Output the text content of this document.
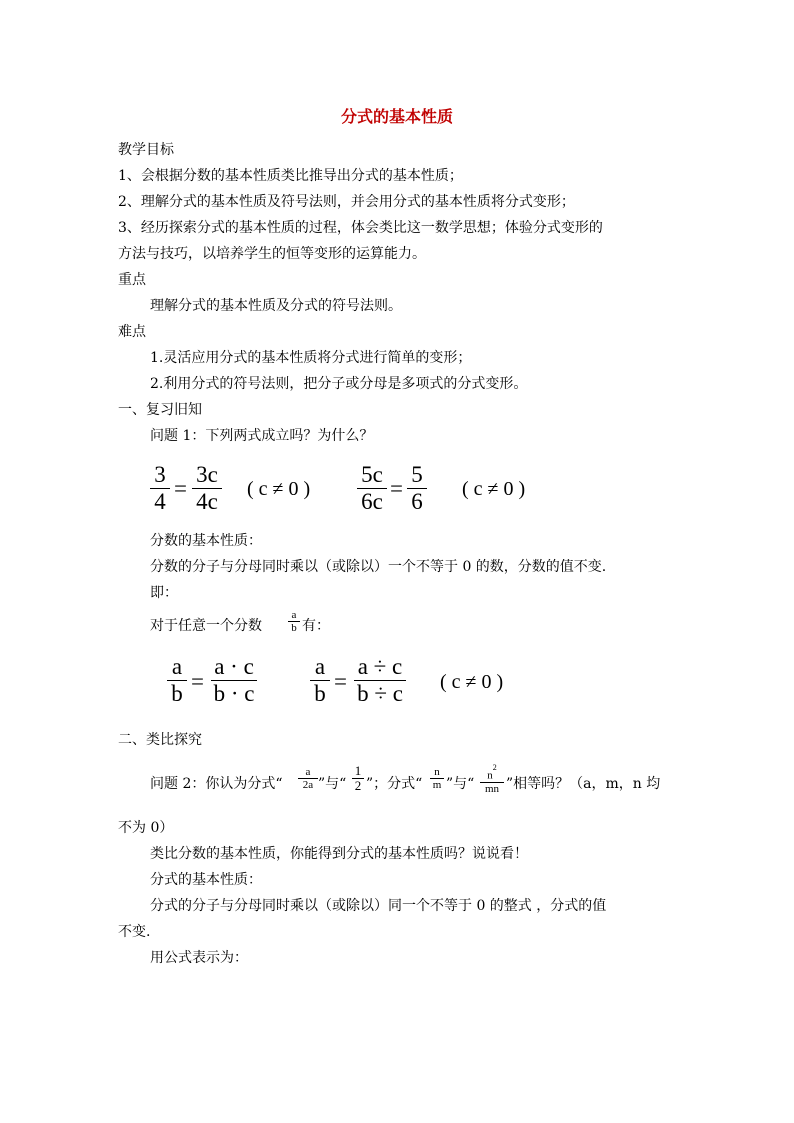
分式的基本性质
教学目标
1、会根据分数的基本性质类比推导出分式的基本性质；
2、理解分式的基本性质及符号法则，并会用分式的基本性质将分式变形；
3、经历探索分式的基本性质的过程，体会类比这一数学思想；体验分式变形的
方法与技巧，以培养学生的恒等变形的运算能力。
重点
理解分式的基本性质及分式的符号法则。
难点
1.灵活应用分式的基本性质将分式进行简单的变形；
2.利用分式的符号法则，把分子或分母是多项式的分式变形。
一、复习旧知
问题 1：下列两式成立吗？为什么？
3
4
=
3c
4c ( c ≠ 0 )
5c
6c
=
5
6 ( c ≠ 0 )
分数的基本性质：
分数的分子与分母同时乘以（或除以）一个不等于 0 的数，分数的值不变.
即：
对于任意一个分数
a
b 有：
a
b =
a · c
b · c
a
b =
a ÷ c
b ÷ c ( c ≠ 0 )
二、类比探究
问题 2：你认为分式“
a
2a ”与“
1
2 ”；分式“
n
m ”与“
$n^2$
mn ”相等吗？（a，m，n 均
不为 0）
类比分数的基本性质，你能得到分式的基本性质吗？说说看！
分式的基本性质：
分式的分子与分母同时乘以（或除以）同一个不等于 0 的整式 ，分式的值
不变.
用公式表示为：
